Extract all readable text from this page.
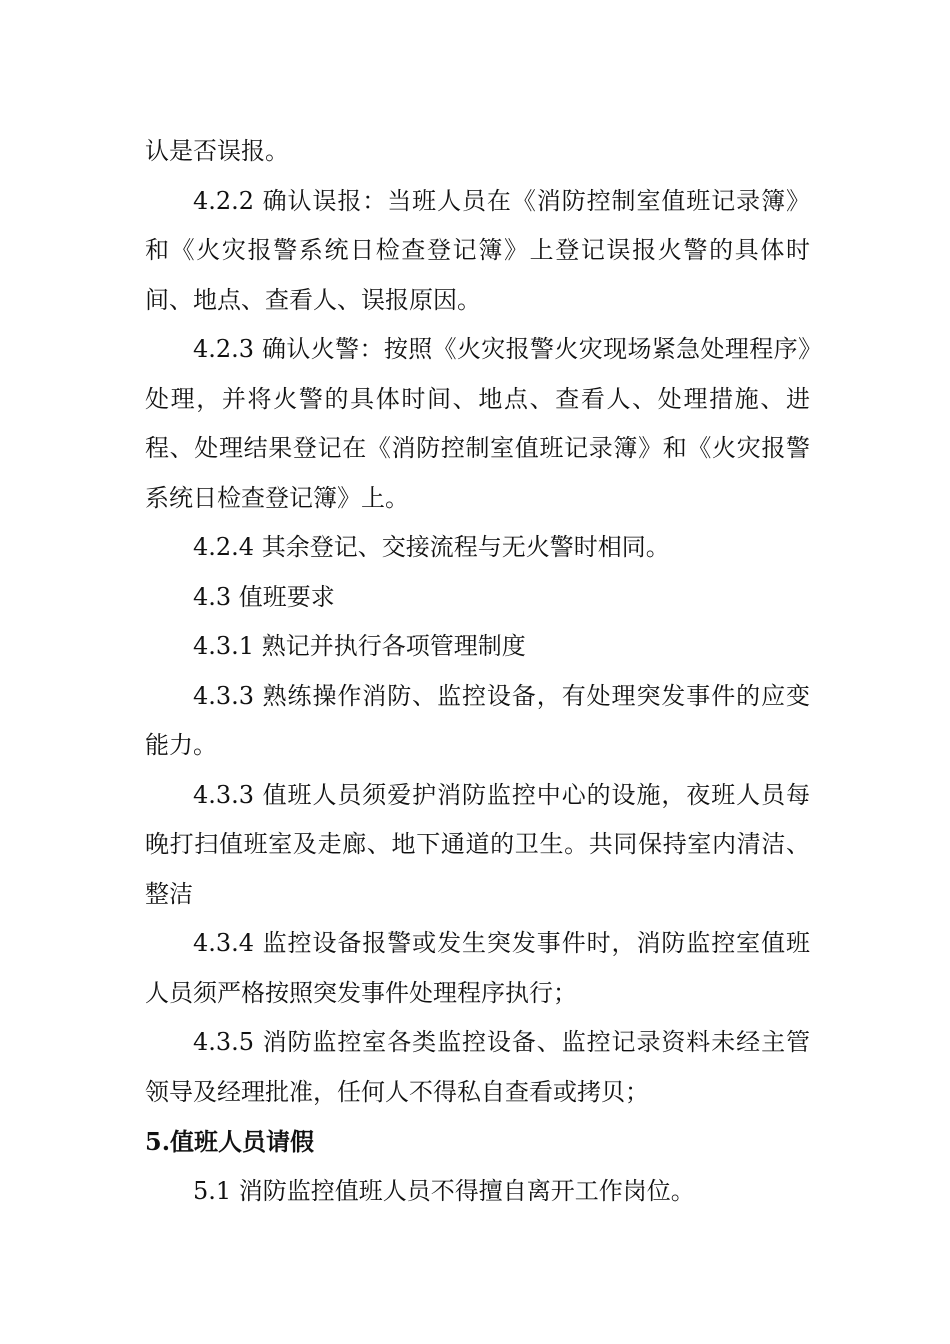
认是否误报。

4.2.2 确认误报：当班人员在《消防控制室值班记录簿》和《火灾报警系统日检查登记簿》上登记误报火警的具体时间、地点、查看人、误报原因。

4.2.3 确认火警：按照《火灾报警火灾现场紧急处理程序》处理，并将火警的具体时间、地点、查看人、处理措施、进程、处理结果登记在《消防控制室值班记录簿》和《火灾报警系统日检查登记簿》上。

4.2.4 其余登记、交接流程与无火警时相同。

4.3 值班要求

4.3.1 熟记并执行各项管理制度

4.3.3 熟练操作消防、监控设备，有处理突发事件的应变能力。

4.3.3 值班人员须爱护消防监控中心的设施，夜班人员每晚打扫值班室及走廊、地下通道的卫生。共同保持室内清洁、整洁

4.3.4 监控设备报警或发生突发事件时，消防监控室值班人员须严格按照突发事件处理程序执行；

4.3.5 消防监控室各类监控设备、监控记录资料未经主管领导及经理批准，任何人不得私自查看或拷贝；

5.值班人员请假

5.1 消防监控值班人员不得擅自离开工作岗位。
